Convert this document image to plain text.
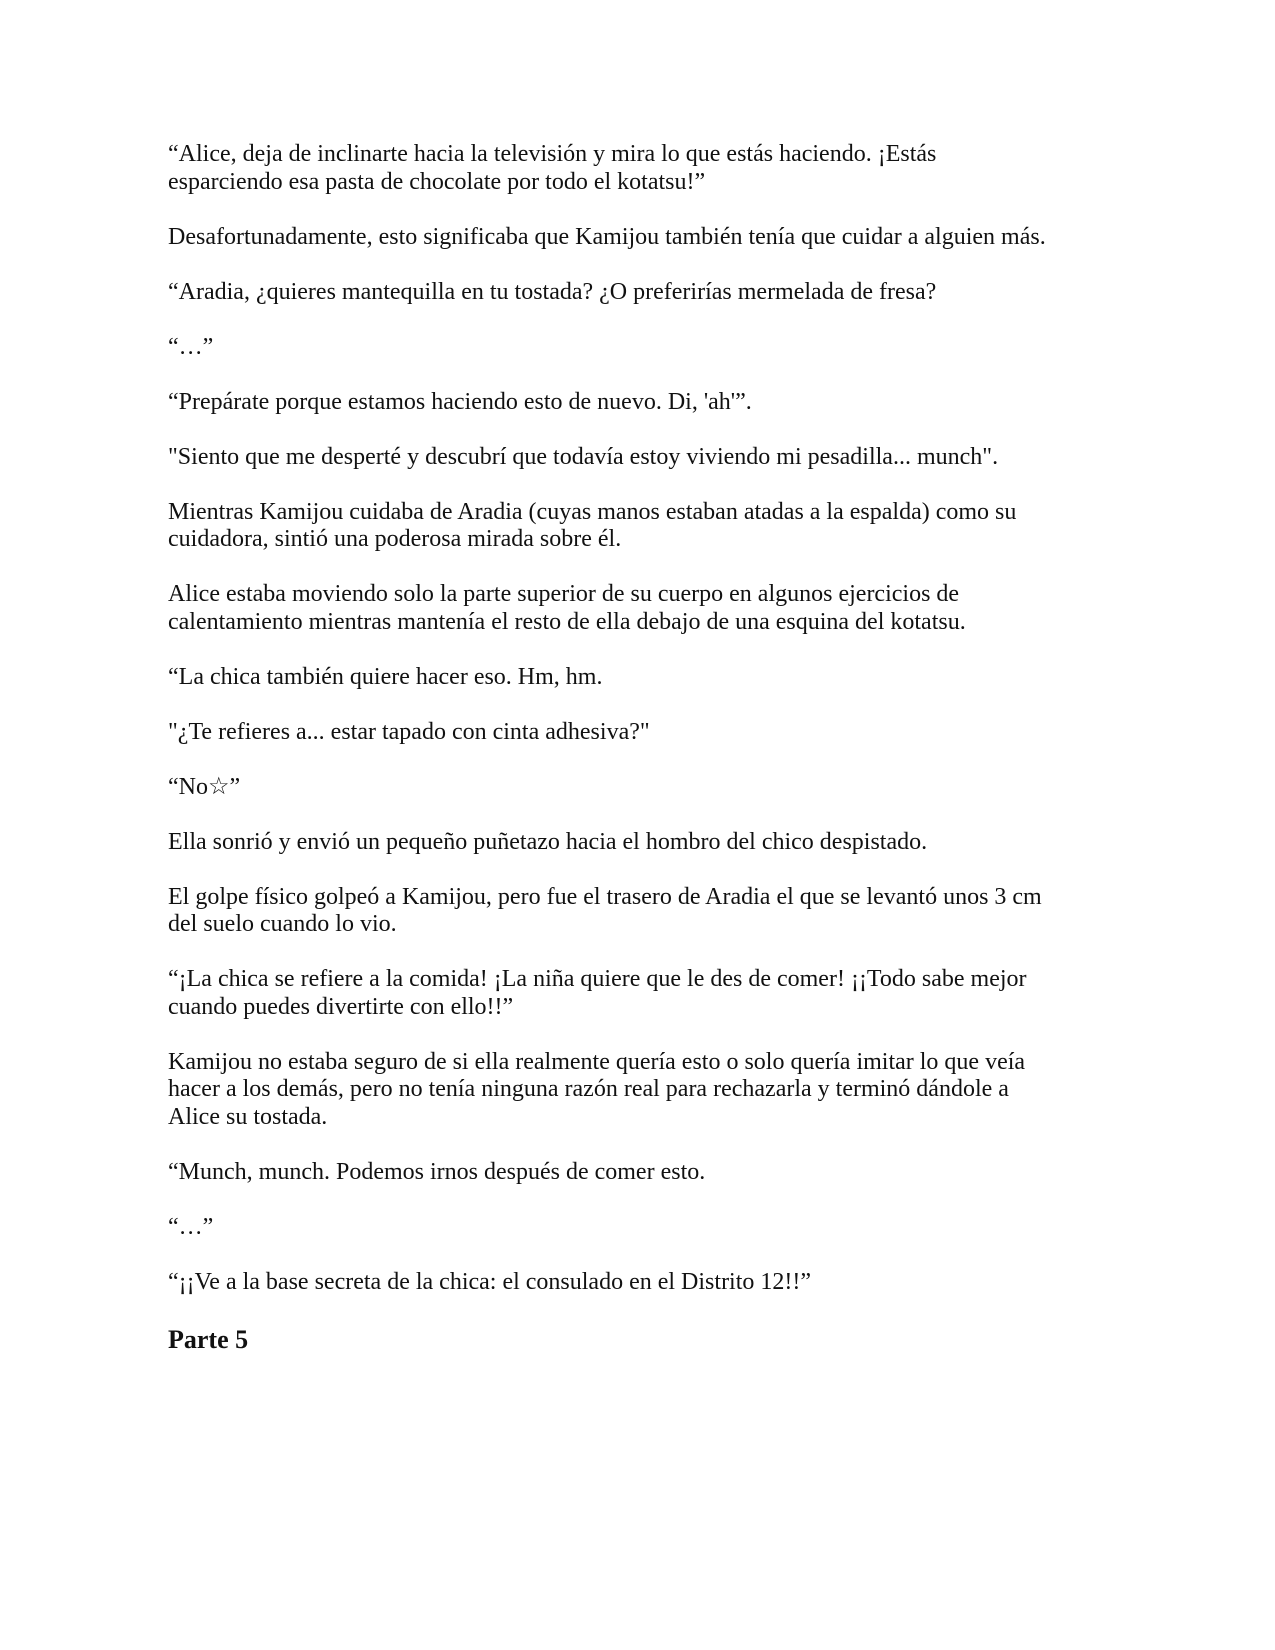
“Alice, deja de inclinarte hacia la televisión y mira lo que estás haciendo. ¡Estás
esparciendo esa pasta de chocolate por todo el kotatsu!”

Desafortunadamente, esto significaba que Kamijou también tenía que cuidar a alguien más.

“Aradia, ¿quieres mantequilla en tu tostada? ¿O preferirías mermelada de fresa?

“…”

“Prepárate porque estamos haciendo esto de nuevo. Di, 'ah'”.

"Siento que me desperté y descubrí que todavía estoy viviendo mi pesadilla... munch".

Mientras Kamijou cuidaba de Aradia (cuyas manos estaban atadas a la espalda) como su
cuidadora, sintió una poderosa mirada sobre él.

Alice estaba moviendo solo la parte superior de su cuerpo en algunos ejercicios de
calentamiento mientras mantenía el resto de ella debajo de una esquina del kotatsu.

“La chica también quiere hacer eso. Hm, hm.

"¿Te refieres a... estar tapado con cinta adhesiva?"

“No☆”

Ella sonrió y envió un pequeño puñetazo hacia el hombro del chico despistado.

El golpe físico golpeó a Kamijou, pero fue el trasero de Aradia el que se levantó unos 3 cm
del suelo cuando lo vio.

“¡La chica se refiere a la comida! ¡La niña quiere que le des de comer! ¡¡Todo sabe mejor
cuando puedes divertirte con ello!!”

Kamijou no estaba seguro de si ella realmente quería esto o solo quería imitar lo que veía
hacer a los demás, pero no tenía ninguna razón real para rechazarla y terminó dándole a
Alice su tostada.

“Munch, munch. Podemos irnos después de comer esto.

“…”

“¡¡Ve a la base secreta de la chica: el consulado en el Distrito 12!!”

Parte 5
